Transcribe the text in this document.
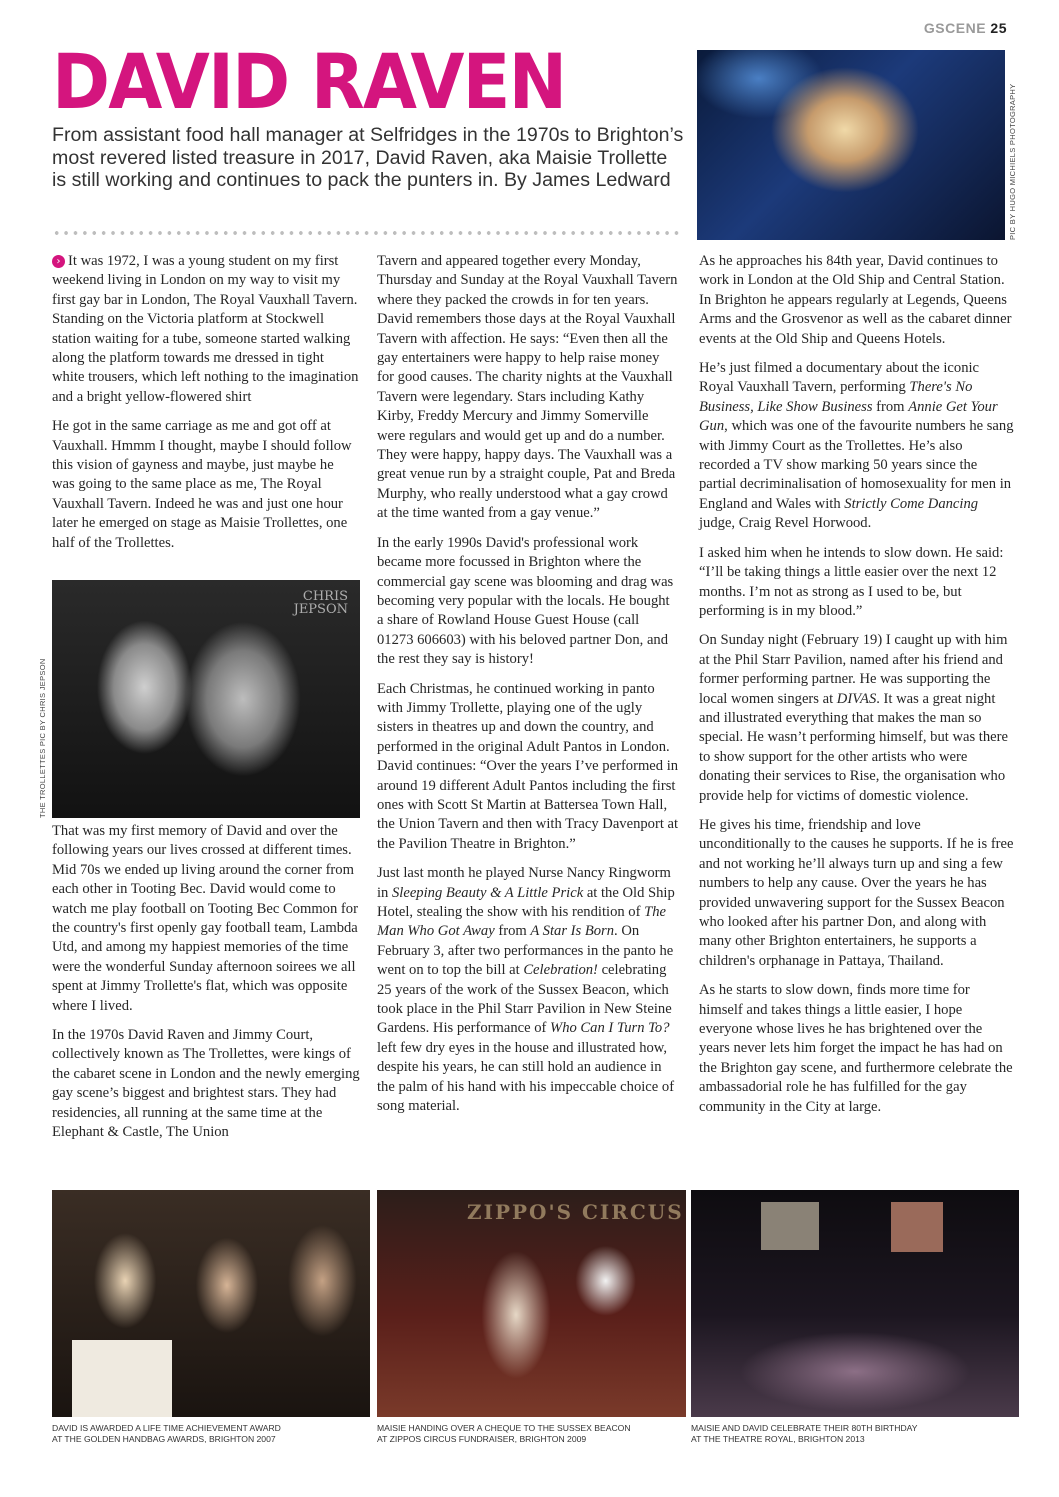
GSCENE 25
DAVID RAVEN

From assistant food hall manager at Selfridges in the 1970s to Brighton’s most revered listed treasure in 2017, David Raven, aka Maisie Trollette is still working and continues to pack the punters in. By James Ledward	PIC BY HUGO MICHIELS PHOTOGRAPHY

› It was 1972, I was a young student on my first weekend living in London on my way to visit my first gay bar in London, The Royal Vauxhall Tavern. Standing on the Victoria platform at Stockwell station waiting for a tube, someone started walking along the platform towards me dressed in tight white trousers, which left nothing to the imagination and a bright yellow-flowered shirt

He got in the same carriage as me and got off at Vauxhall. Hmmm I thought, maybe I should follow this vision of gayness and maybe, just maybe he was going to the same place as me, The Royal Vauxhall Tavern. Indeed he was and just one hour later he emerged on stage as Maisie Trollettes, one half of the Trollettes.

CHRIS
JEPSON
THE TROLLETTES PIC BY CHRIS JEPSON

That was my first memory of David and over the following years our lives crossed at different times. Mid 70s we ended up living around the corner from each other in Tooting Bec. David would come to watch me play football on Tooting Bec Common for the country's first openly gay football team, Lambda Utd, and among my happiest memories of the time were the wonderful Sunday afternoon soirees we all spent at Jimmy Trollette's flat, which was opposite where I lived.

In the 1970s David Raven and Jimmy Court, collectively known as The Trollettes, were kings of the cabaret scene in London and the newly emerging gay scene’s biggest and brightest stars. They had residencies, all running at the same time at the Elephant & Castle, The Union

Tavern and appeared together every Monday, Thursday and Sunday at the Royal Vauxhall Tavern where they packed the crowds in for ten years. David remembers those days at the Royal Vauxhall Tavern with affection. He says: “Even then all the gay entertainers were happy to help raise money for good causes. The charity nights at the Vauxhall Tavern were legendary. Stars including Kathy Kirby, Freddy Mercury and Jimmy Somerville were regulars and would get up and do a number. They were happy, happy days. The Vauxhall was a great venue run by a straight couple, Pat and Breda Murphy, who really understood what a gay crowd at the time wanted from a gay venue.”

In the early 1990s David's professional work became more focussed in Brighton where the commercial gay scene was blooming and drag was becoming very popular with the locals. He bought a share of Rowland House Guest House (call 01273 606603) with his beloved partner Don, and the rest they say is history!

Each Christmas, he continued working in panto with Jimmy Trollette, playing one of the ugly sisters in theatres up and down the country, and performed in the original Adult Pantos in London. David continues: “Over the years I’ve performed in around 19 different Adult Pantos including the first ones with Scott St Martin at Battersea Town Hall, the Union Tavern and then with Tracy Davenport at the Pavilion Theatre in Brighton.”

Just last month he played Nurse Nancy Ringworm in Sleeping Beauty & A Little Prick at the Old Ship Hotel, stealing the show with his rendition of The Man Who Got Away from A Star Is Born. On February 3, after two performances in the panto he went on to top the bill at Celebration! celebrating 25 years of the work of the Sussex Beacon, which took place in the Phil Starr Pavilion in New Steine Gardens. His performance of Who Can I Turn To? left few dry eyes in the house and illustrated how, despite his years, he can still hold an audience in the palm of his hand with his impeccable choice of song material.

As he approaches his 84th year, David continues to work in London at the Old Ship and Central Station. In Brighton he appears regularly at Legends, Queens Arms and the Grosvenor as well as the cabaret dinner events at the Old Ship and Queens Hotels.

He’s just filmed a documentary about the iconic Royal Vauxhall Tavern, performing There's No Business, Like Show Business from Annie Get Your Gun, which was one of the favourite numbers he sang with Jimmy Court as the Trollettes. He’s also recorded a TV show marking 50 years since the partial decriminalisation of homosexuality for men in England and Wales with Strictly Come Dancing judge, Craig Revel Horwood.

I asked him when he intends to slow down. He said: “I’ll be taking things a little easier over the next 12 months. I’m not as strong as I used to be, but performing is in my blood.”

On Sunday night (February 19) I caught up with him at the Phil Starr Pavilion, named after his friend and former performing partner. He was supporting the local women singers at DIVAS. It was a great night and illustrated everything that makes the man so special. He wasn’t performing himself, but was there to show support for the other artists who were donating their services to Rise, the organisation who provide help for victims of domestic violence.

He gives his time, friendship and love unconditionally to the causes he supports. If he is free and not working he’ll always turn up and sing a few numbers to help any cause. Over the years he has provided unwavering support for the Sussex Beacon who looked after his partner Don, and along with many other Brighton entertainers, he supports a children's orphanage in Pattaya, Thailand.

As he starts to slow down, finds more time for himself and takes things a little easier, I hope everyone whose lives he has brightened over the years never lets him forget the impact he has had on the Brighton gay scene, and furthermore celebrate the ambassadorial role he has fulfilled for the gay community in the City at large.

ZIPPO'S CIRCUS
DAVID IS AWARDED A LIFE TIME ACHIEVEMENT AWARD
AT THE GOLDEN HANDBAG AWARDS, BRIGHTON 2007
MAISIE HANDING OVER A CHEQUE TO THE SUSSEX BEACON
AT ZIPPOS CIRCUS FUNDRAISER, BRIGHTON 2009
MAISIE AND DAVID CELEBRATE THEIR 80TH BIRTHDAY
AT THE THEATRE ROYAL, BRIGHTON 2013
